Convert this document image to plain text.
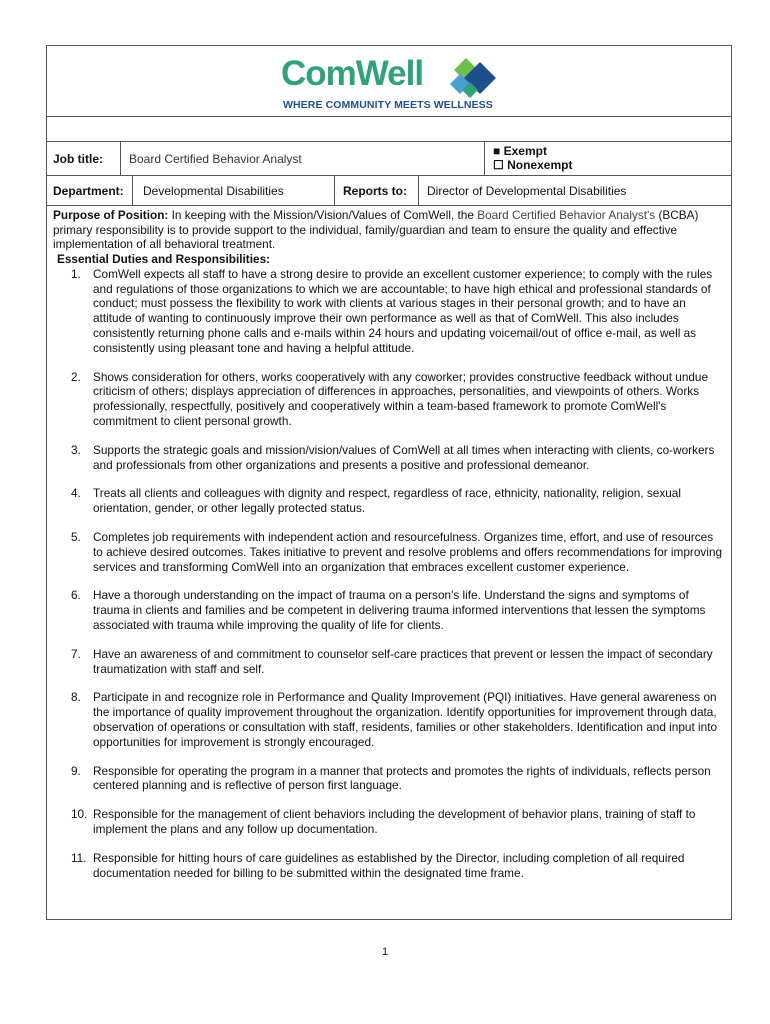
ComWell
WHERE COMMUNITY MEETS WELLNESS
Job title:	Board Certified Behavior Analyst
■ Exempt
☐ Nonexempt
Department:	Developmental Disabilities	Reports to:	Director of Developmental Disabilities
Purpose of Position: In keeping with the Mission/Vision/Values of ComWell, the Board Certified Behavior Analyst's (BCBA) primary responsibility is to provide support to the individual, family/guardian and team to ensure the quality and effective implementation of all behavioral treatment.
Essential Duties and Responsibilities:
1.	ComWell expects all staff to have a strong desire to provide an excellent customer experience; to comply with the rules and regulations of those organizations to which we are accountable; to have high ethical and professional standards of conduct; must possess the flexibility to work with clients at various stages in their personal growth; and to have an attitude of wanting to continuously improve their own performance as well as that of ComWell. This also includes consistently returning phone calls and e-mails within 24 hours and updating voicemail/out of office e-mail, as well as consistently using pleasant tone and having a helpful attitude.
2.	Shows consideration for others, works cooperatively with any coworker; provides constructive feedback without undue criticism of others; displays appreciation of differences in approaches, personalities, and viewpoints of others. Works professionally, respectfully, positively and cooperatively within a team-based framework to promote ComWell's commitment to client personal growth.
3.	Supports the strategic goals and mission/vision/values of ComWell at all times when interacting with clients, co-workers and professionals from other organizations and presents a positive and professional demeanor.
4.	Treats all clients and colleagues with dignity and respect, regardless of race, ethnicity, nationality, religion, sexual orientation, gender, or other legally protected status.
5.	Completes job requirements with independent action and resourcefulness. Organizes time, effort, and use of resources to achieve desired outcomes. Takes initiative to prevent and resolve problems and offers recommendations for improving services and transforming ComWell into an organization that embraces excellent customer experience.
6.	Have a thorough understanding on the impact of trauma on a person's life. Understand the signs and symptoms of trauma in clients and families and be competent in delivering trauma informed interventions that lessen the symptoms associated with trauma while improving the quality of life for clients.
7.	Have an awareness of and commitment to counselor self-care practices that prevent or lessen the impact of secondary traumatization with staff and self.
8.	Participate in and recognize role in Performance and Quality Improvement (PQI) initiatives. Have general awareness on the importance of quality improvement throughout the organization. Identify opportunities for improvement through data, observation of operations or consultation with staff, residents, families or other stakeholders. Identification and input into opportunities for improvement is strongly encouraged.
9.	Responsible for operating the program in a manner that protects and promotes the rights of individuals, reflects person centered planning and is reflective of person first language.
10. Responsible for the management of client behaviors including the development of behavior plans, training of staff to implement the plans and any follow up documentation.
11. Responsible for hitting hours of care guidelines as established by the Director, including completion of all required documentation needed for billing to be submitted within the designated time frame.
1
